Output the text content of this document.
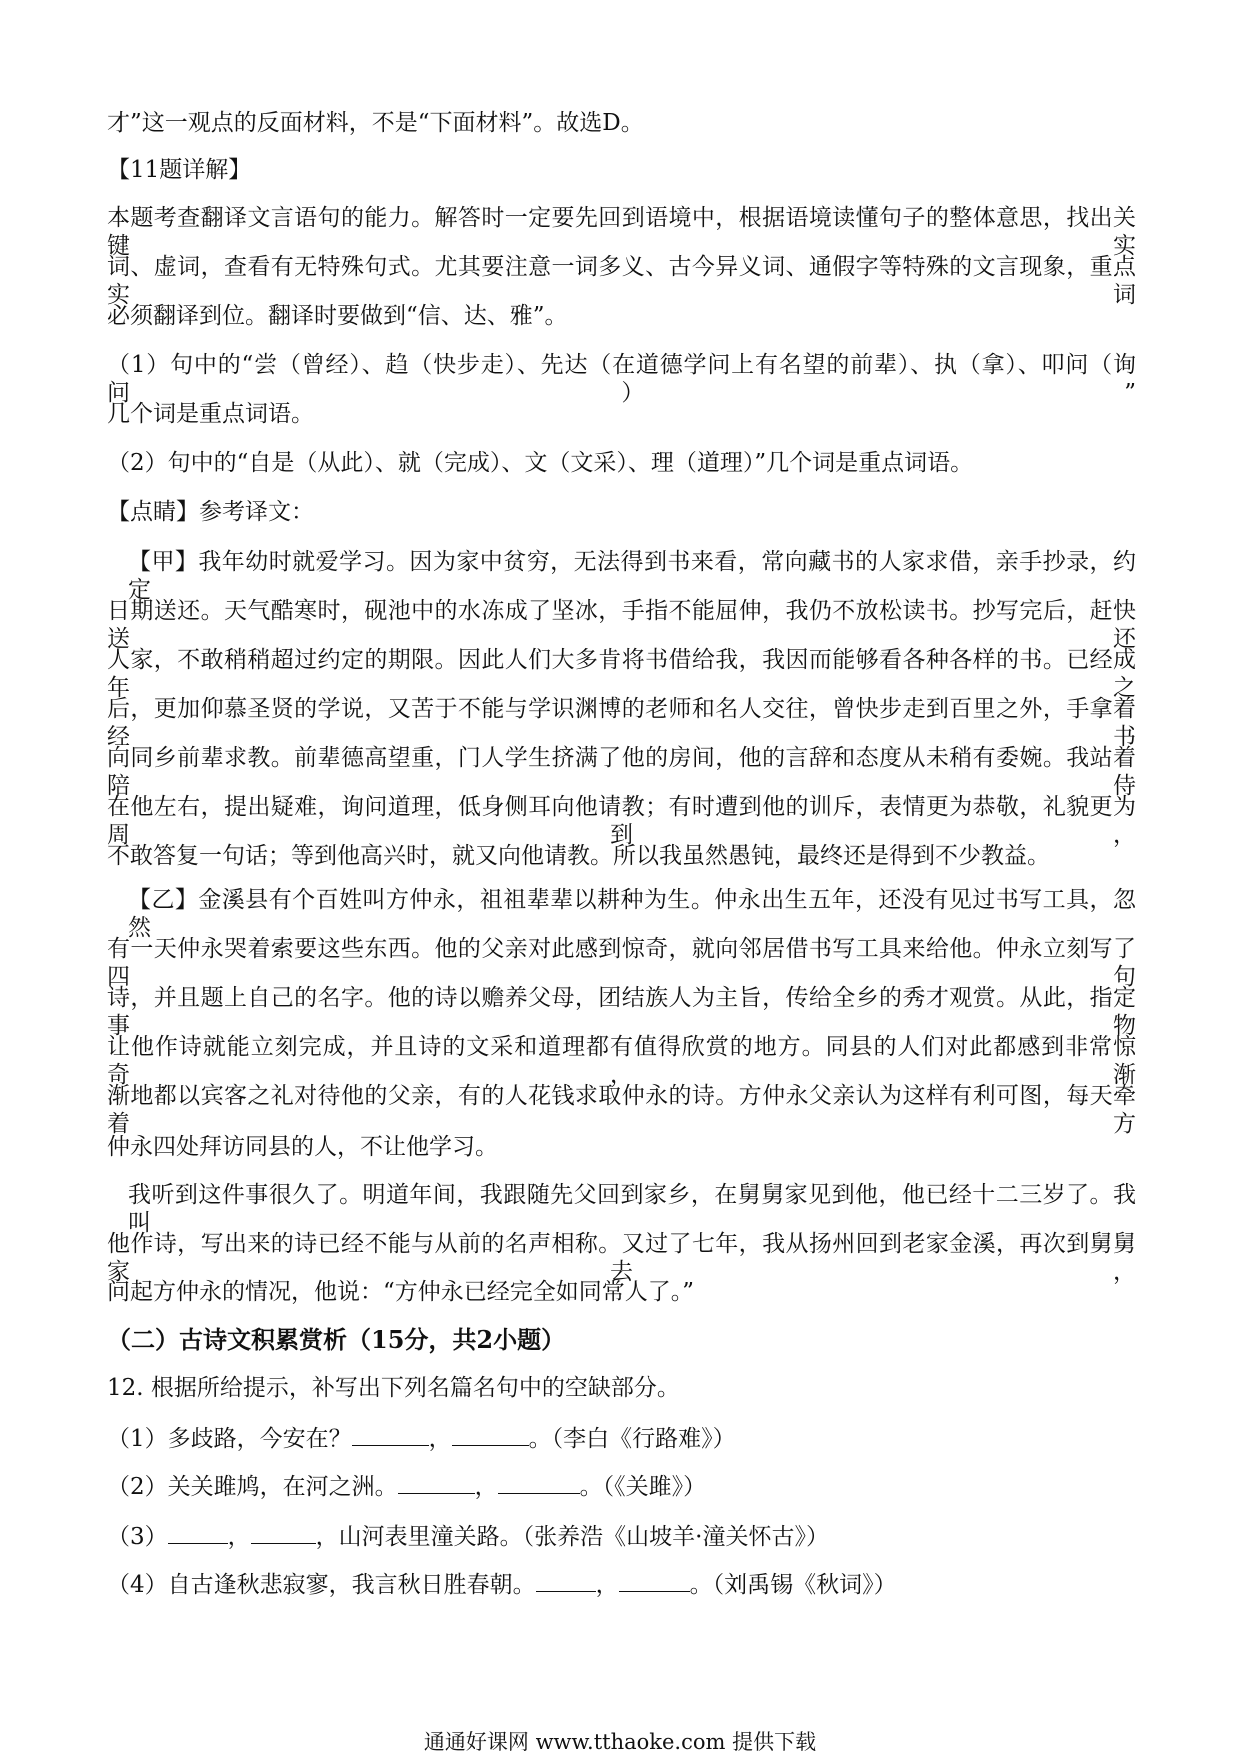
才”这一观点的反面材料，不是“下面材料”。故选D。
【11题详解】
本题考查翻译文言语句的能力。解答时一定要先回到语境中，根据语境读懂句子的整体意思，找出关键实
词、虚词，查看有无特殊句式。尤其要注意一词多义、古今异义词、通假字等特殊的文言现象，重点实词
必须翻译到位。翻译时要做到“信、达、雅”。
（1）句中的“尝（曾经）、趋（快步走）、先达（在道德学问上有名望的前辈）、执（拿）、叩问（询问）”
几个词是重点词语。
（2）句中的“自是（从此）、就（完成）、文（文采）、理（道理）”几个词是重点词语。
【点睛】参考译文：
【甲】我年幼时就爱学习。因为家中贫穷，无法得到书来看，常向藏书的人家求借，亲手抄录，约定
日期送还。天气酷寒时，砚池中的水冻成了坚冰，手指不能屈伸，我仍不放松读书。抄写完后，赶快送还
人家，不敢稍稍超过约定的期限。因此人们大多肯将书借给我，我因而能够看各种各样的书。已经成年之
后，更加仰慕圣贤的学说，又苦于不能与学识渊博的老师和名人交往，曾快步走到百里之外，手拿着经书
向同乡前辈求教。前辈德高望重，门人学生挤满了他的房间，他的言辞和态度从未稍有委婉。我站着陪侍
在他左右，提出疑难，询问道理，低身侧耳向他请教；有时遭到他的训斥，表情更为恭敬，礼貌更为周到，
不敢答复一句话；等到他高兴时，就又向他请教。所以我虽然愚钝，最终还是得到不少教益。
【乙】金溪县有个百姓叫方仲永，祖祖辈辈以耕种为生。仲永出生五年，还没有见过书写工具，忽然
有一天仲永哭着索要这些东西。他的父亲对此感到惊奇，就向邻居借书写工具来给他。仲永立刻写了四句
诗，并且题上自己的名字。他的诗以赡养父母，团结族人为主旨，传给全乡的秀才观赏。从此，指定事物
让他作诗就能立刻完成，并且诗的文采和道理都有值得欣赏的地方。同县的人们对此都感到非常惊奇，渐
渐地都以宾客之礼对待他的父亲，有的人花钱求取仲永的诗。方仲永父亲认为这样有利可图，每天牵着方
仲永四处拜访同县的人，不让他学习。
我听到这件事很久了。明道年间，我跟随先父回到家乡，在舅舅家见到他，他已经十二三岁了。我叫
他作诗，写出来的诗已经不能与从前的名声相称。又过了七年，我从扬州回到老家金溪，再次到舅舅家去，
问起方仲永的情况，他说：“方仲永已经完全如同常人了。”
（二）古诗文积累赏析（15分，共2小题）
12. 根据所给提示，补写出下列名篇名句中的空缺部分。
（1）多歧路，今安在？	，	。（李白《行路难》）
（2）关关雎鸠，在河之洲。	，	。（《关雎》）
（3）	，	，山河表里潼关路。（张养浩《山坡羊·潼关怀古》）
（4）自古逢秋悲寂寥，我言秋日胜春朝。	，	。（刘禹锡《秋词》）
通通好课网 www.tthaoke.com 提供下载
